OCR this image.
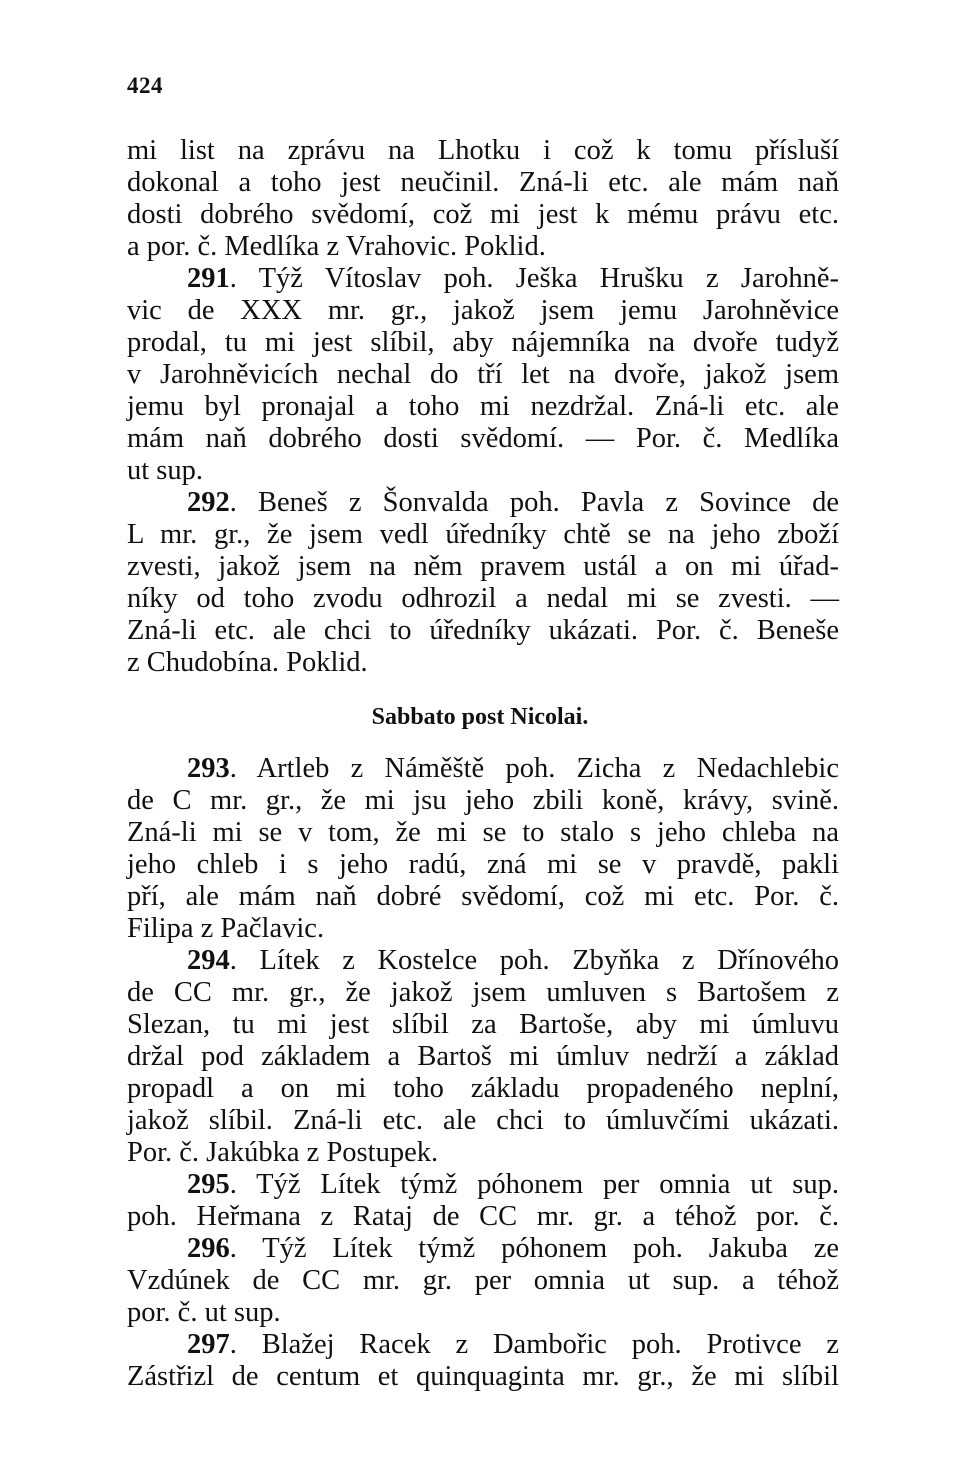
424
mi list na zprávu na Lhotku i což k tomu přísluší
dokonal a toho jest neučinil. Zná-li etc. ale mám naň
dosti dobrého svědomí, což mi jest k mému právu etc.
a por. č. Medlíka z Vrahovic. Poklid.
291. Týž Vítoslav poh. Ješka Hrušku z Jarohně-
vic de XXX mr. gr., jakož jsem jemu Jarohněvice
prodal, tu mi jest slíbil, aby nájemníka na dvoře tudyž
v Jarohněvicích nechal do tří let na dvoře, jakož jsem
jemu byl pronajal a toho mi nezdržal. Zná-li etc. ale
mám naň dobrého dosti svědomí. –– Por. č. Medlíka
ut sup.
292. Beneš z Šonvalda poh. Pavla z Sovince de
L mr. gr., že jsem vedl úředníky chtě se na jeho zboží
zvesti, jakož jsem na něm pravem ustál a on mi úřad-
níky od toho zvodu odhrozil a nedal mi se zvesti. ––
Zná-li etc. ale chci to úředníky ukázati. Por. č. Beneše
z Chudobína. Poklid.
Sabbato post Nicolai.
293. Artleb z Náměště poh. Zicha z Nedachlebic
de C mr. gr., že mi jsu jeho zbili koně, krávy, svině.
Zná-li mi se v tom, že mi se to stalo s jeho chleba na
jeho chleb i s jeho radú, zná mi se v pravdě, pakli
pří, ale mám naň dobré svědomí, což mi etc. Por. č.
Filipa z Pačlavic.
294. Lítek z Kostelce poh. Zbyňka z Dřínového
de CC mr. gr., že jakož jsem umluven s Bartošem z
Slezan, tu mi jest slíbil za Bartoše, aby mi úmluvu
držal pod základem a Bartoš mi úmluv nedrží a základ
propadl a on mi toho základu propadeného neplní,
jakož slíbil. Zná-li etc. ale chci to úmluvčími ukázati.
Por. č. Jakúbka z Postupek.
295. Týž Lítek týmž póhonem per omnia ut sup.
poh. Heřmana z Rataj de CC mr. gr. a téhož por. č.
296. Týž Lítek týmž póhonem poh. Jakuba ze
Vzdúnek de CC mr. gr. per omnia ut sup. a téhož
por. č. ut sup.
297. Blažej Racek z Dambořic poh. Protivce z
Zástřizl de centum et quinquaginta mr. gr., že mi slíbil
